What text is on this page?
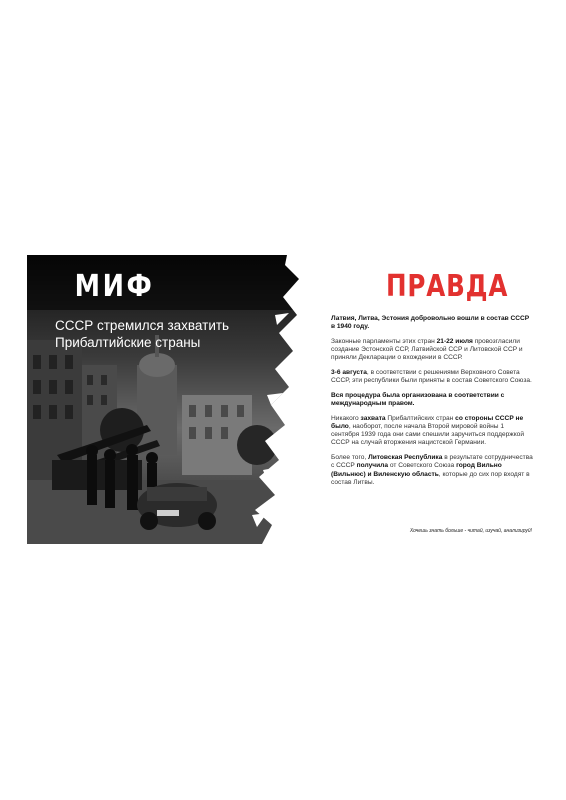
МИФ
СССР стремился захватить Прибалтийские страны
ПРАВДА

Латвия, Литва, Эстония добровольно вошли в состав СССР в 1940 году.

Законные парламенты этих стран 21-22 июля провозгласили создание Эстонской ССР, Латвийской ССР и Литовской ССР и приняли Декларации о вхождении в СССР.

3-6 августа, в соответствии с решениями Верховного Совета СССР, эти республики были приняты в состав Советского Союза.

Вся процедура была организована в соответствии с международным правом.

Никакого захвата Прибалтийских стран со стороны СССР не было, наоборот, после начала Второй мировой войны 1 сентября 1939 года они сами спешили заручиться поддержкой СССР на случай вторжения нацистской Германии.

Более того, Литовская Республика в результате сотрудничества с СССР получила от Советского Союза город Вильно (Вильнюс) и Виленскую область, которые до сих пор входят в состав Литвы.

Хочешь знать больше - читай, изучай, анализируй!
